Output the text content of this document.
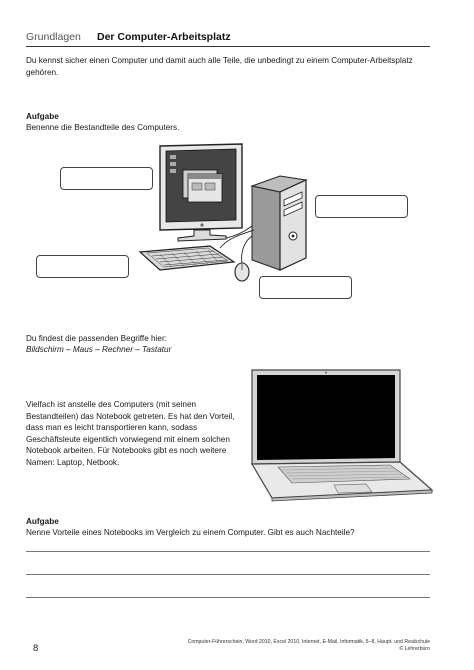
Grundlagen Der Computer-Arbeitsplatz
Du kennst sicher einen Computer und damit auch alle Teile, die unbedingt zu einem Computer-Arbeitsplatz gehören.
Aufgabe
Benenne die Bestandteile des Computers.
Du findest die passenden Begriffe hier:
Bildschirm – Maus – Rechner – Tastatur
Vielfach ist anstelle des Computers (mit seinen Bestandteilen) das Notebook getreten. Es hat den Vorteil, dass man es leicht transportieren kann, sodass Geschäftsleute eigentlich vorwiegend mit einem solchen Notebook arbeiten. Für Notebooks gibt es noch weitere Namen: Laptop, Netbook.
Aufgabe
Nenne Vorteile eines Notebooks im Vergleich zu einem Computer. Gibt es auch Nachteile?
8
Computer-Führerschein, Word 2010, Excel 2010, Internet, E-Mail, Informatik, 5–8, Haupt- und Realschule
© Lehrerbüro
